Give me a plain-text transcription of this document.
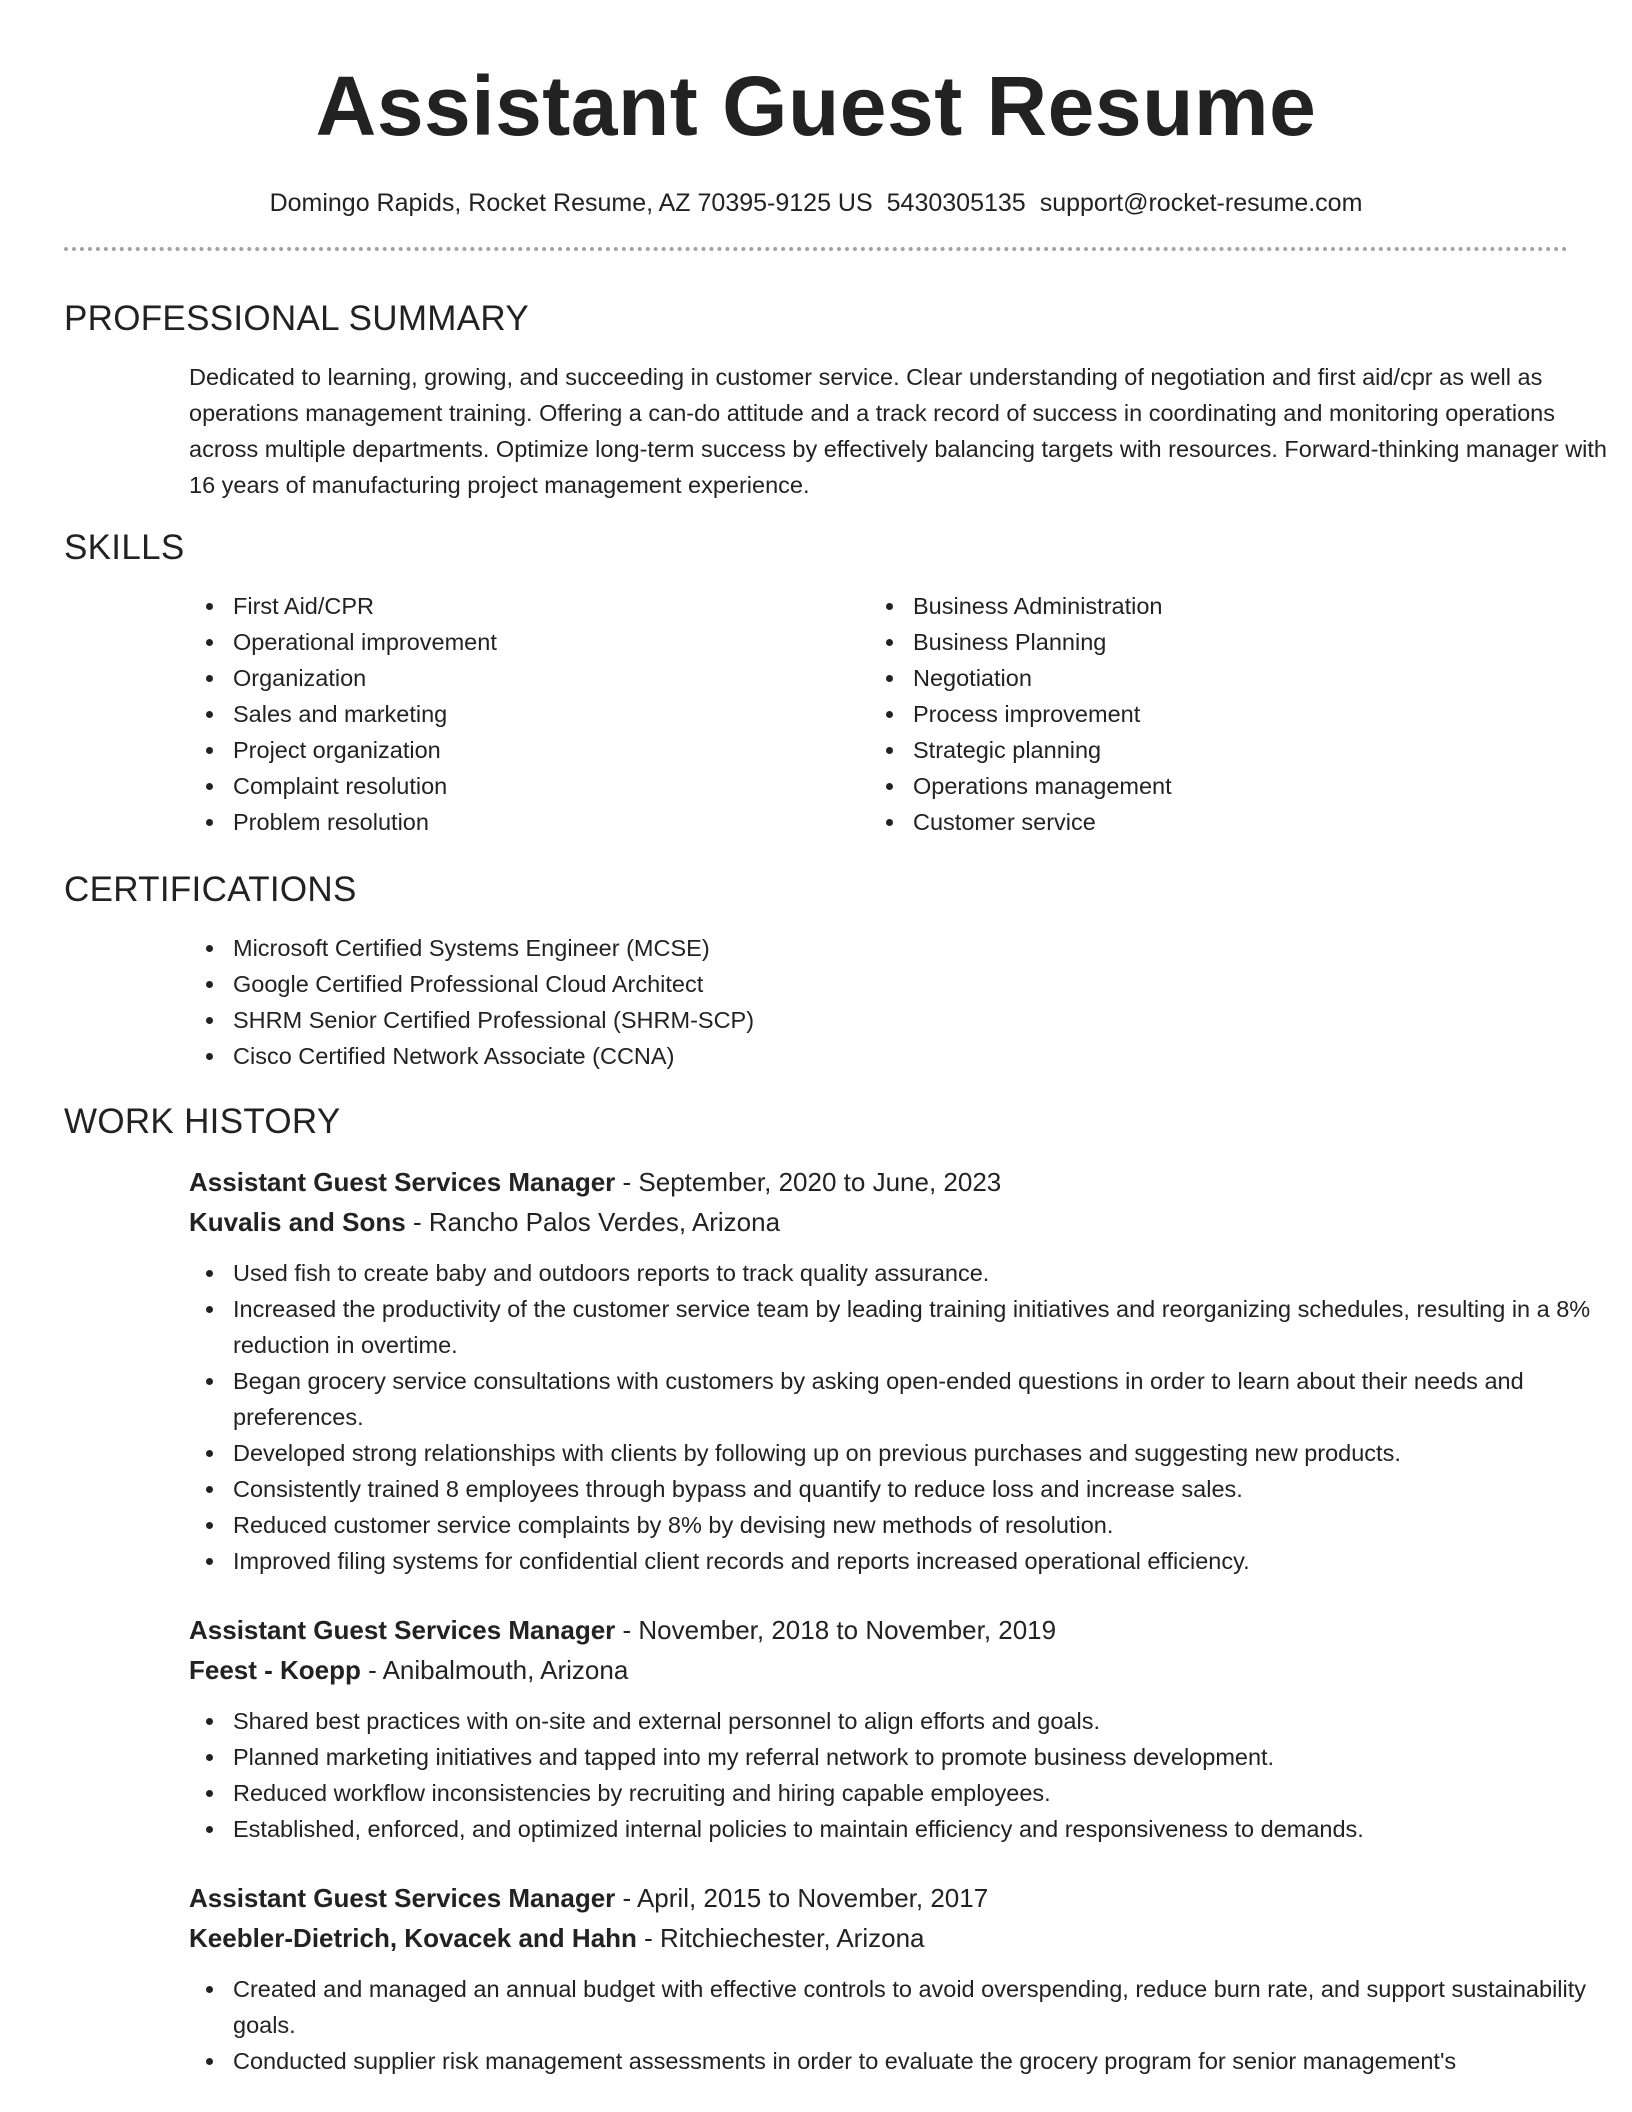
Assistant Guest Resume
Domingo Rapids, Rocket Resume, AZ 70395-9125 US 5430305135 support@rocket-resume.com
PROFESSIONAL SUMMARY

Dedicated to learning, growing, and succeeding in customer service. Clear understanding of negotiation and first aid/cpr as well as operations management training. Offering a can-do attitude and a track record of success in coordinating and monitoring operations across multiple departments. Optimize long-term success by effectively balancing targets with resources. Forward-thinking manager with 16 years of manufacturing project management experience.

SKILLS
First Aid/CPR
Operational improvement
Organization
Sales and marketing
Project organization
Complaint resolution
Problem resolution
Business Administration
Business Planning
Negotiation
Process improvement
Strategic planning
Operations management
Customer service
CERTIFICATIONS
Microsoft Certified Systems Engineer (MCSE)
Google Certified Professional Cloud Architect
SHRM Senior Certified Professional (SHRM-SCP)
Cisco Certified Network Associate (CCNA)
WORK HISTORY
Assistant Guest Services Manager - September, 2020 to June, 2023
Kuvalis and Sons - Rancho Palos Verdes, Arizona
Used fish to create baby and outdoors reports to track quality assurance.
Increased the productivity of the customer service team by leading training initiatives and reorganizing schedules, resulting in a 8% reduction in overtime.
Began grocery service consultations with customers by asking open-ended questions in order to learn about their needs and preferences.
Developed strong relationships with clients by following up on previous purchases and suggesting new products.
Consistently trained 8 employees through bypass and quantify to reduce loss and increase sales.
Reduced customer service complaints by 8% by devising new methods of resolution.
Improved filing systems for confidential client records and reports increased operational efficiency.
Assistant Guest Services Manager - November, 2018 to November, 2019
Feest - Koepp - Anibalmouth, Arizona
Shared best practices with on-site and external personnel to align efforts and goals.
Planned marketing initiatives and tapped into my referral network to promote business development.
Reduced workflow inconsistencies by recruiting and hiring capable employees.
Established, enforced, and optimized internal policies to maintain efficiency and responsiveness to demands.
Assistant Guest Services Manager - April, 2015 to November, 2017
Keebler-Dietrich, Kovacek and Hahn - Ritchiechester, Arizona
Created and managed an annual budget with effective controls to avoid overspending, reduce burn rate, and support sustainability goals.
Conducted supplier risk management assessments in order to evaluate the grocery program for senior management's
